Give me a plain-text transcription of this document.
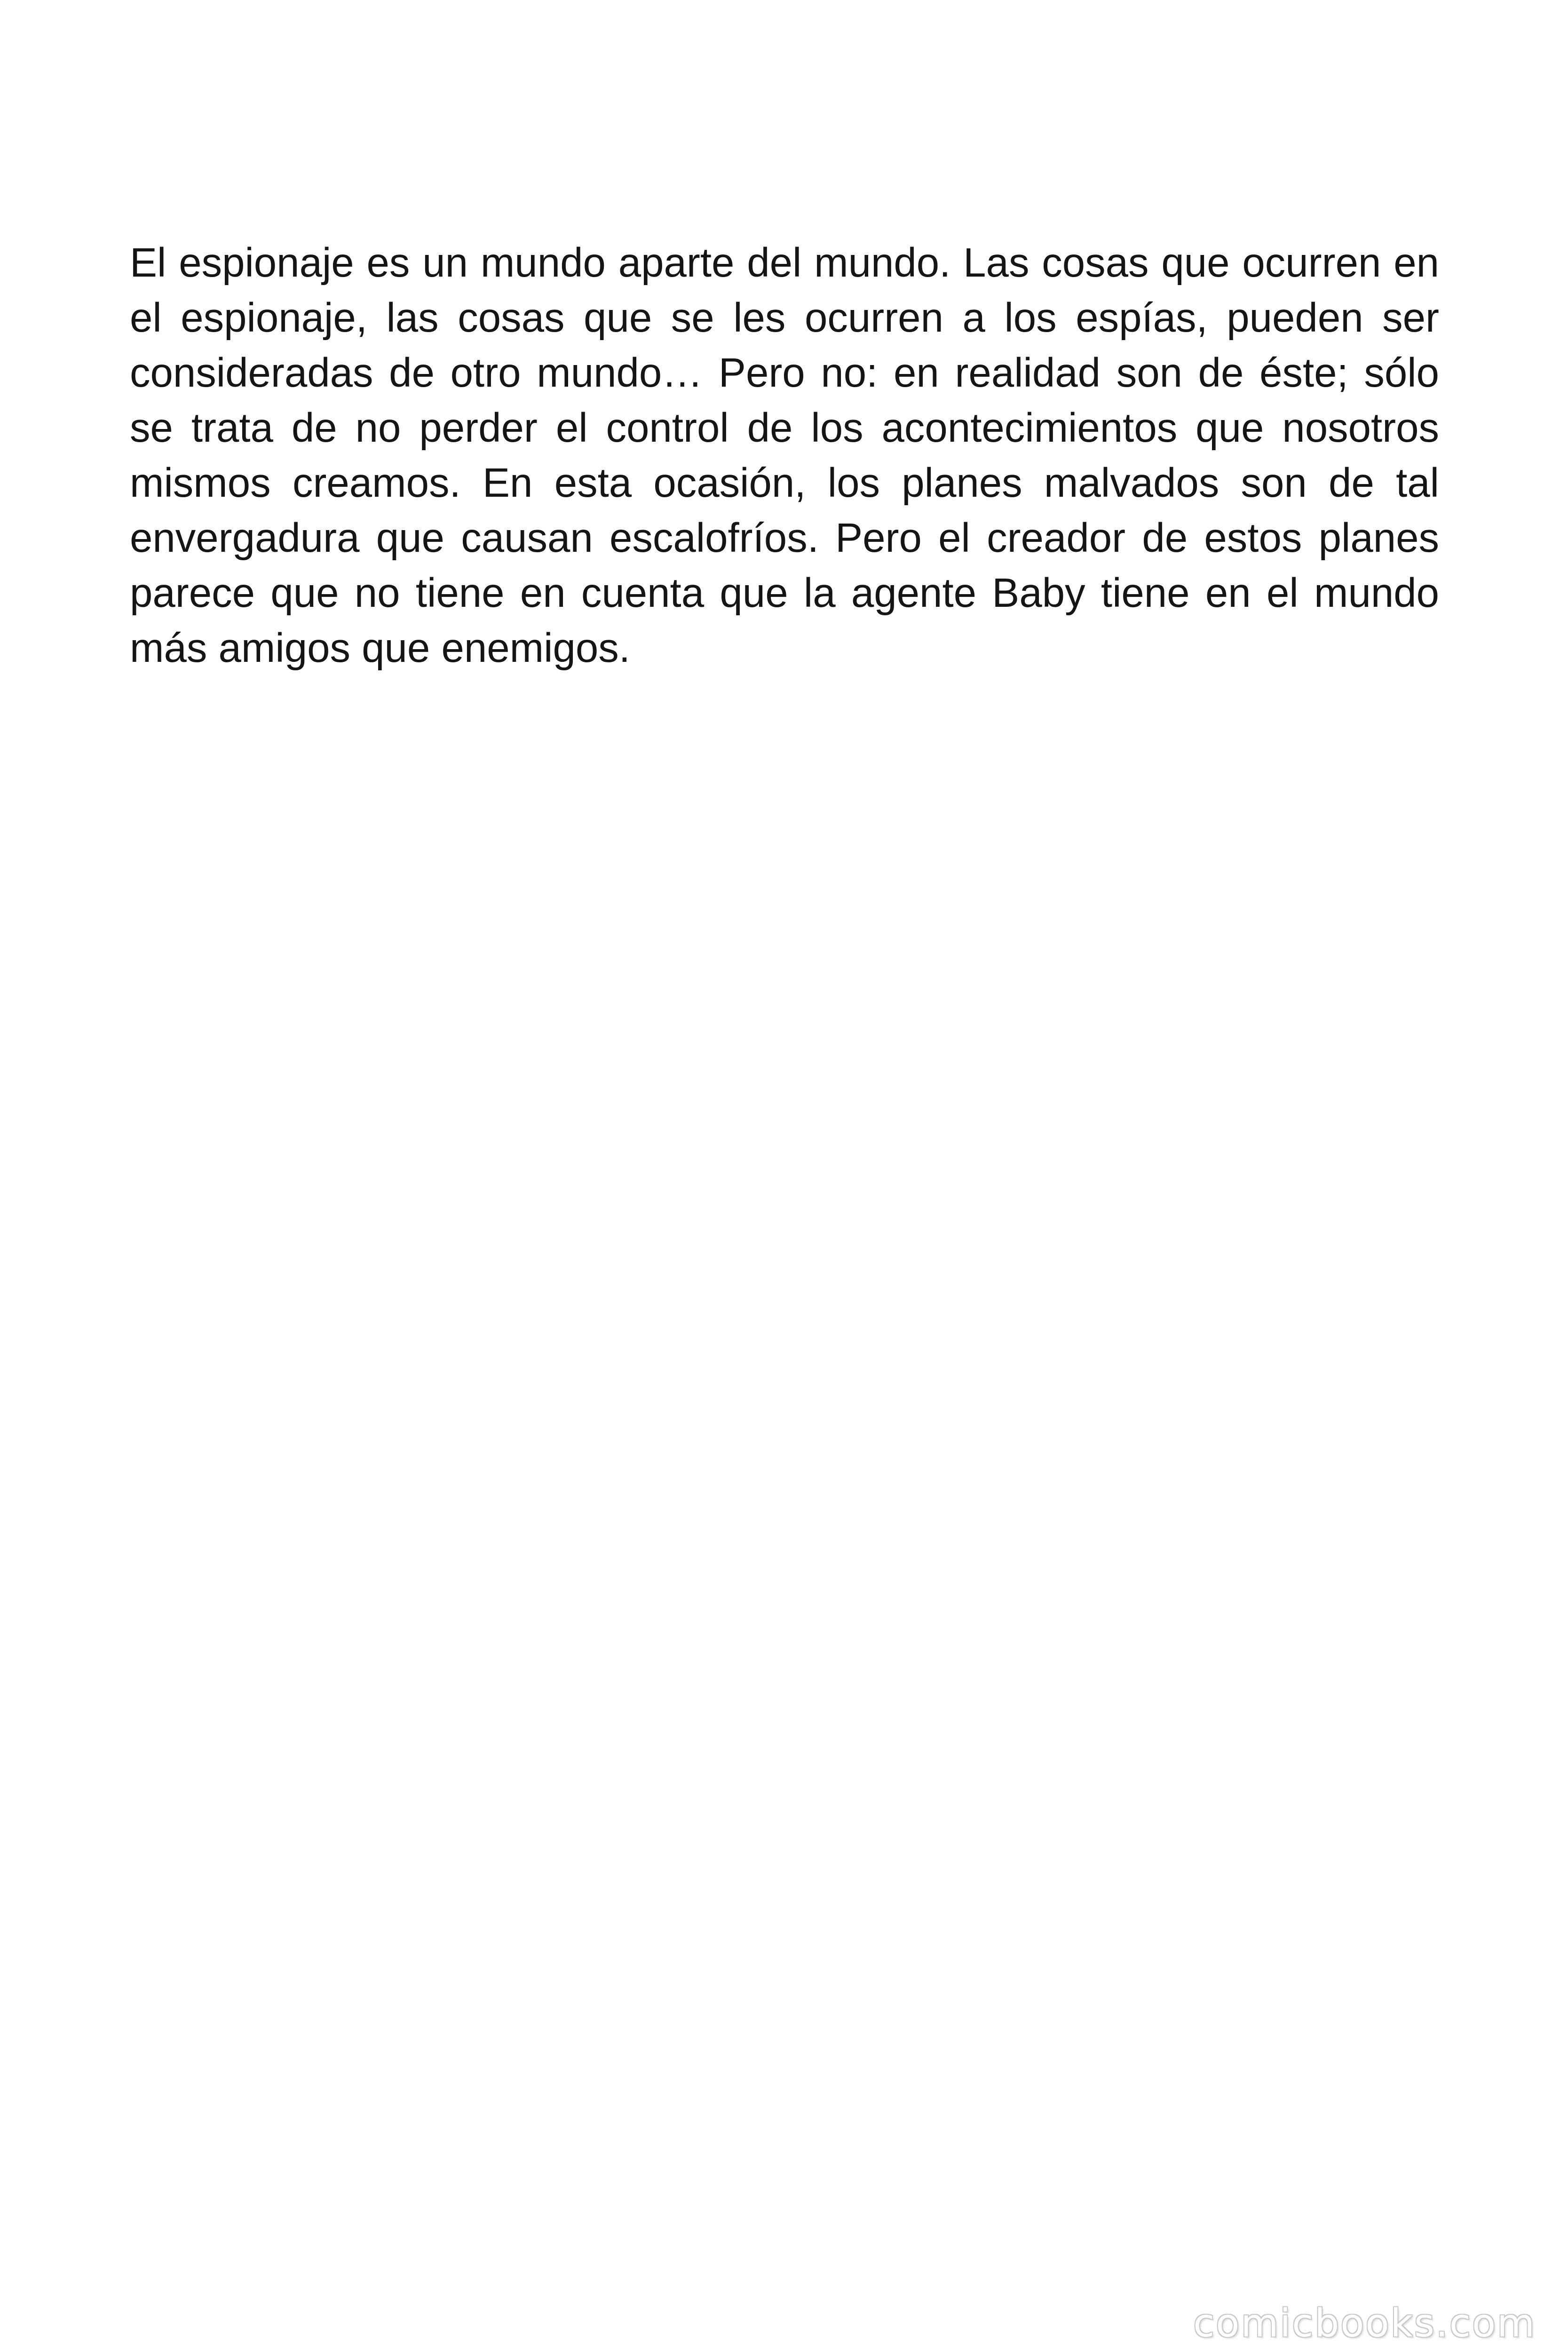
El espionaje es un mundo aparte del mundo. Las cosas que ocurren en el espionaje, las cosas que se les ocurren a los espías, pueden ser consideradas de otro mundo… Pero no: en realidad son de éste; sólo se trata de no perder el control de los acontecimientos que nosotros mismos creamos. En esta ocasión, los planes malvados son de tal envergadura que causan escalofríos. Pero el creador de estos planes parece que no tiene en cuenta que la agente Baby tiene en el mundo más amigos que enemigos.

comicbooks.com
